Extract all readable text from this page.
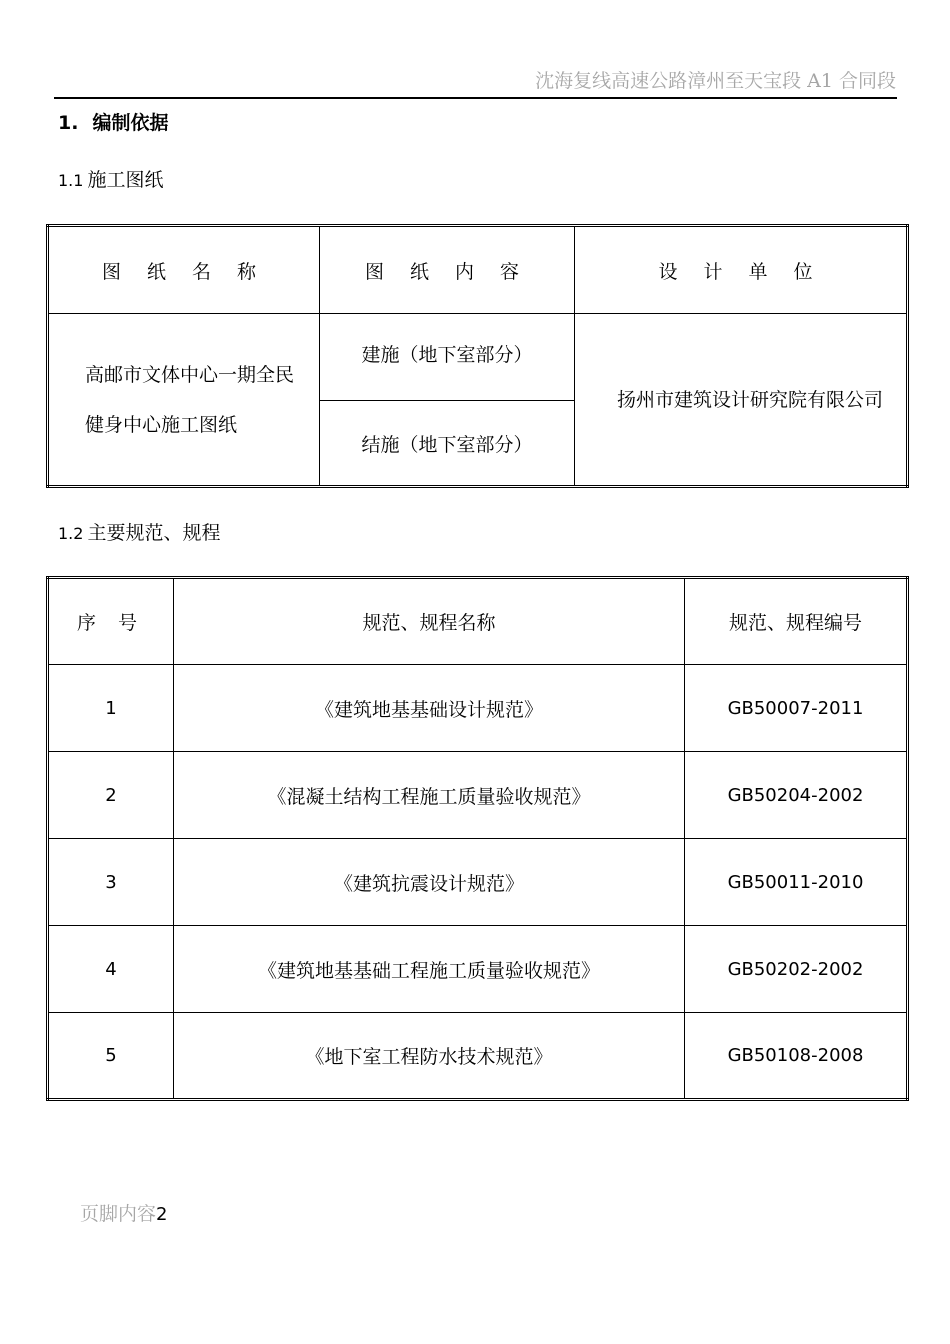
沈海复线高速公路漳州至天宝段 A1 合同段
1. 编制依据
1.1 施工图纸
图 纸 名 称	图 纸 内 容	设 计 单 位
高邮市文体中心一期全民健身中心施工图纸	建施（地下室部分）	扬州市建筑设计研究院有限公司
	结施（地下室部分）	
1.2 主要规范、规程
序 号	规范、规程名称	规范、规程编号
1	《建筑地基基础设计规范》	GB50007-2011
2	《混凝土结构工程施工质量验收规范》	GB50204-2002
3	《建筑抗震设计规范》	GB50011-2010
4	《建筑地基基础工程施工质量验收规范》	GB50202-2002
5	《地下室工程防水技术规范》	GB50108-2008
页脚内容2
